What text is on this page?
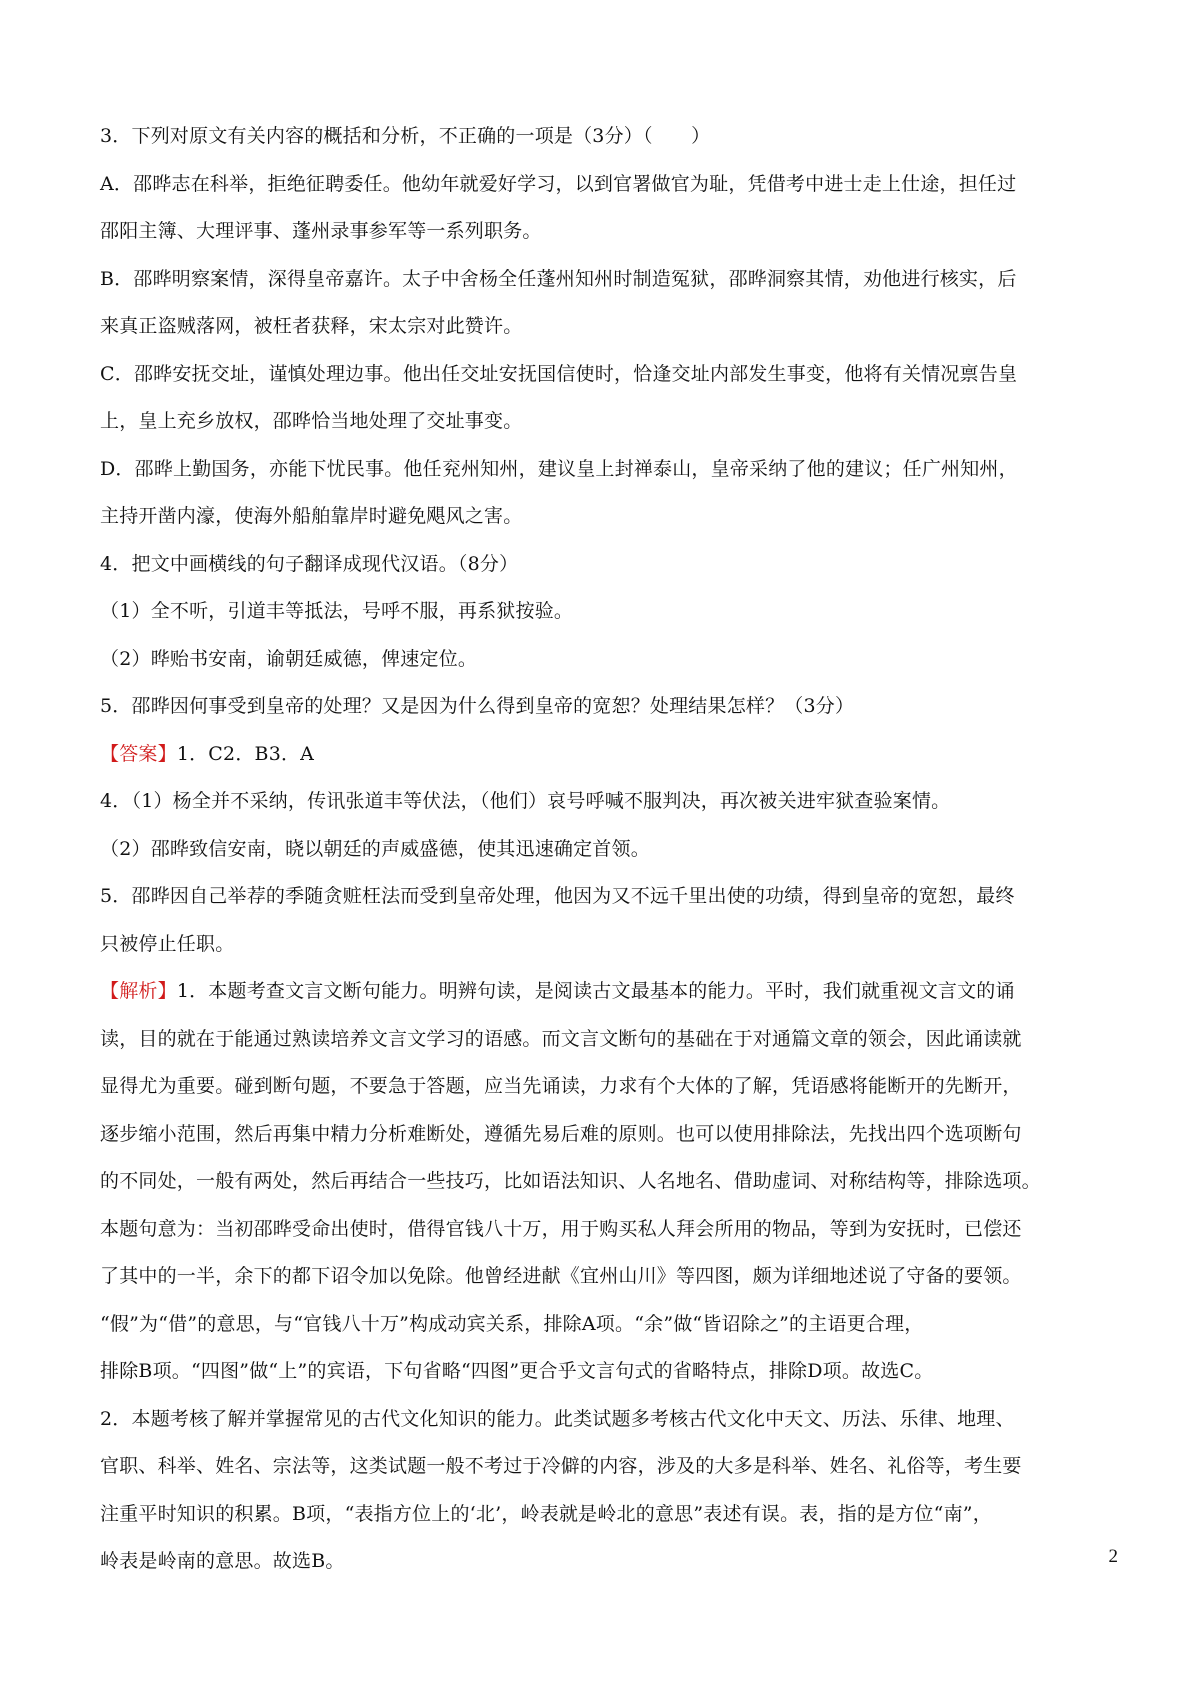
3．下列对原文有关内容的概括和分析，不正确的一项是（3分）（　　）
A．邵晔志在科举，拒绝征聘委任。他幼年就爱好学习，以到官署做官为耻，凭借考中进士走上仕途，担任过
邵阳主簿、大理评事、蓬州录事参军等一系列职务。
B．邵晔明察案情，深得皇帝嘉许。太子中舍杨全任蓬州知州时制造冤狱，邵晔洞察其情，劝他进行核实，后
来真正盗贼落网，被枉者获释，宋太宗对此赞许。
C．邵晔安抚交址，谨慎处理边事。他出任交址安抚国信使时，恰逢交址内部发生事变，他将有关情况禀告皇
上，皇上充乡放权，邵晔恰当地处理了交址事变。
D．邵晔上勤国务，亦能下忧民事。他任兖州知州，建议皇上封禅泰山，皇帝采纳了他的建议；任广州知州，
主持开凿内濠，使海外船舶靠岸时避免飓风之害。
4．把文中画横线的句子翻译成现代汉语。（8分）
（1）全不听，引道丰等抵法，号呼不服，再系狱按验。
（2）晔贻书安南，谕朝廷威德，俾速定位。
5．邵晔因何事受到皇帝的处理？又是因为什么得到皇帝的宽恕？处理结果怎样？（3分）
【答案】1．C2．B3．A
4．（1）杨全并不采纳，传讯张道丰等伏法，（他们）哀号呼喊不服判决，再次被关进牢狱查验案情。
（2）邵晔致信安南，晓以朝廷的声威盛德，使其迅速确定首领。
5．邵晔因自己举荐的季随贪赃枉法而受到皇帝处理，他因为又不远千里出使的功绩，得到皇帝的宽恕，最终
只被停止任职。
【解析】1．本题考查文言文断句能力。明辨句读，是阅读古文最基本的能力。平时，我们就重视文言文的诵
读，目的就在于能通过熟读培养文言文学习的语感。而文言文断句的基础在于对通篇文章的领会，因此诵读就
显得尤为重要。碰到断句题，不要急于答题，应当先诵读，力求有个大体的了解，凭语感将能断开的先断开，
逐步缩小范围，然后再集中精力分析难断处，遵循先易后难的原则。也可以使用排除法，先找出四个选项断句
的不同处，一般有两处，然后再结合一些技巧，比如语法知识、人名地名、借助虚词、对称结构等，排除选项。
本题句意为：当初邵晔受命出使时，借得官钱八十万，用于购买私人拜会所用的物品，等到为安抚时，已偿还
了其中的一半，余下的都下诏令加以免除。他曾经进献《宜州山川》等四图，颇为详细地述说了守备的要领。
“假”为“借”的意思，与“官钱八十万”构成动宾关系，排除A项。“余”做“皆诏除之”的主语更合理，
排除B项。“四图”做“上”的宾语，下句省略“四图”更合乎文言句式的省略特点，排除D项。故选C。
2．本题考核了解并掌握常见的古代文化知识的能力。此类试题多考核古代文化中天文、历法、乐律、地理、
官职、科举、姓名、宗法等，这类试题一般不考过于冷僻的内容，涉及的大多是科举、姓名、礼俗等，考生要
注重平时知识的积累。B项，“表指方位上的‘北’，岭表就是岭北的意思”表述有误。表，指的是方位“南”，
岭表是岭南的意思。故选B。	2
